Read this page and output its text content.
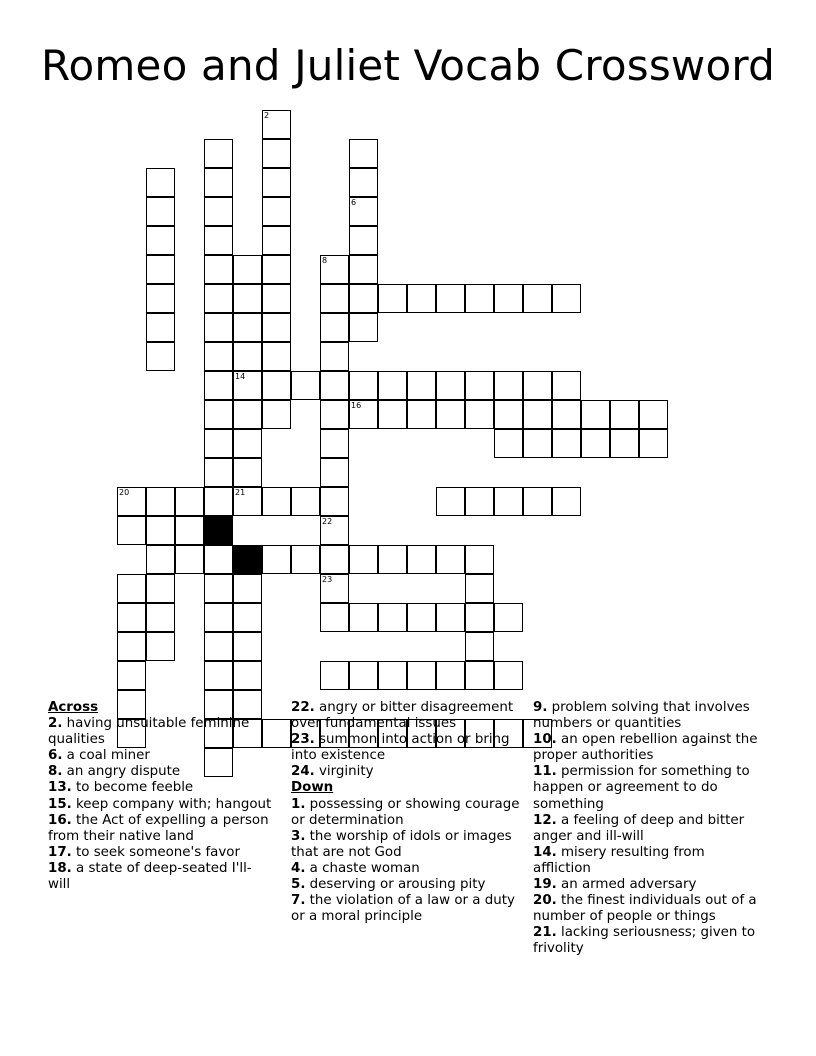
Romeo and Juliet Vocab Crossword
2
14
21
6
8
22
23
16
20
Across
2. having unsuitable feminine qualities
6. a coal miner
8. an angry dispute
13. to become feeble
15. keep company with; hangout
16. the Act of expelling a person from their native land
17. to seek someone's favor
18. a state of deep-seated I'll-will
22. angry or bitter disagreement over fundamental issues
23. summon into action or bring into existence
24. virginity
Down
1. possessing or showing courage or determination
3. the worship of idols or images that are not God
4. a chaste woman
5. deserving or arousing pity
7. the violation of a law or a duty or a moral principle
9. problem solving that involves numbers or quantities
10. an open rebellion against the proper authorities
11. permission for something to happen or agreement to do something
12. a feeling of deep and bitter anger and ill-will
14. misery resulting from affliction
19. an armed adversary
20. the finest individuals out of a number of people or things
21. lacking seriousness; given to frivolity
